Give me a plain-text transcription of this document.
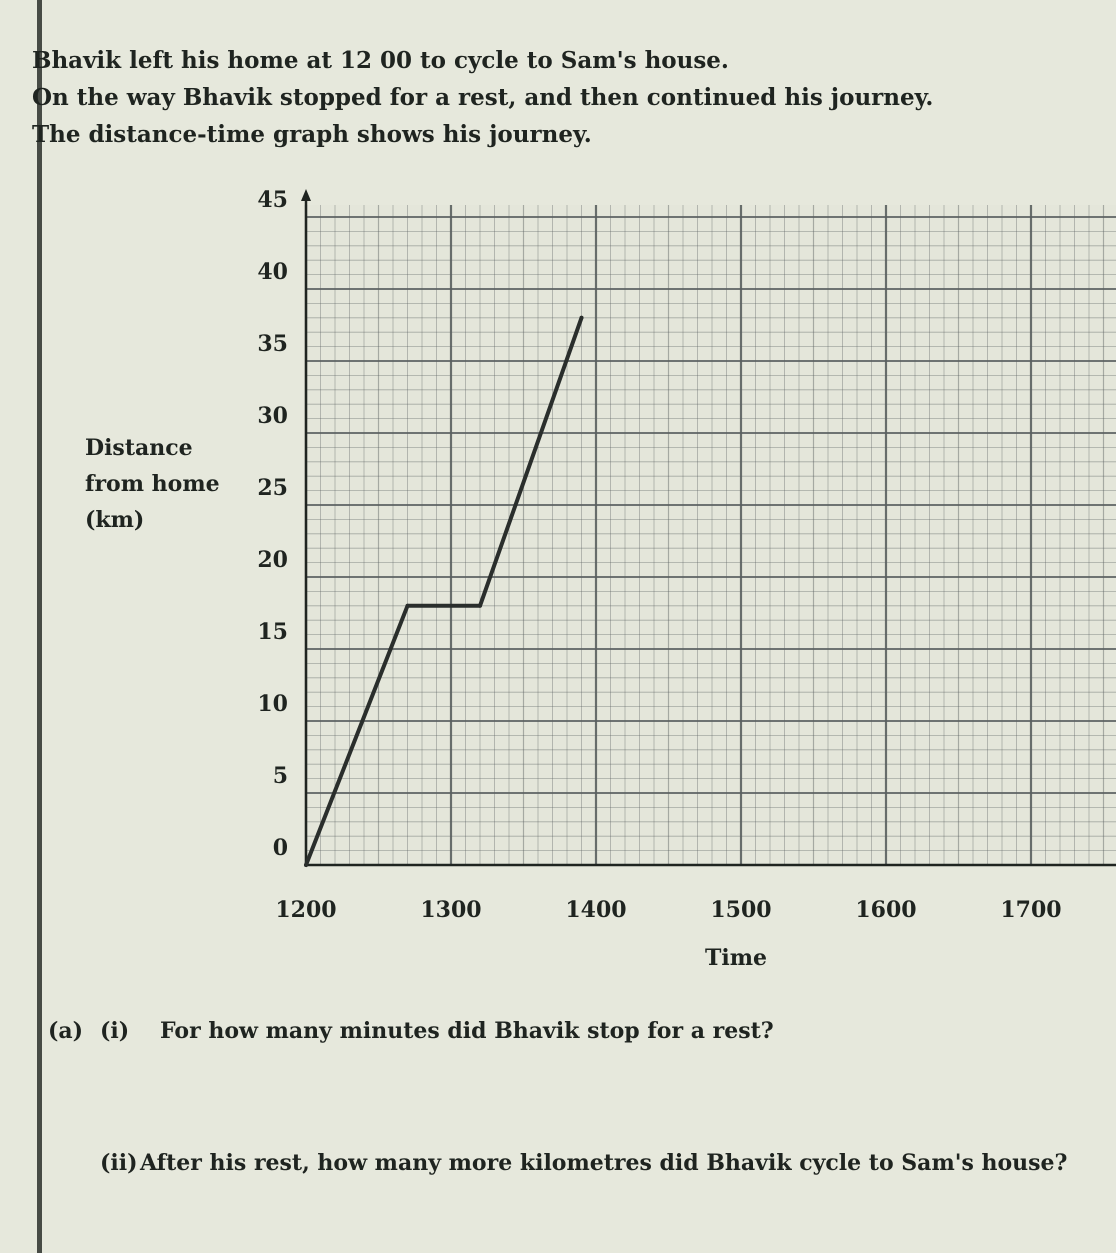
Bhavik left his home at 12 00 to cycle to Sam's house.
On the way Bhavik stopped for a rest, and then continued his journey.
The distance-time graph shows his journey.
Distance
from home
(km)
0
5
10
15
20
25
30
35
40
45
1200	1300	1400	1500	1600	1700
Time
(a) (i) For how many minutes did Bhavik stop for a rest?
(ii) After his rest, how many more kilometres did Bhavik cycle to Sam's house?
